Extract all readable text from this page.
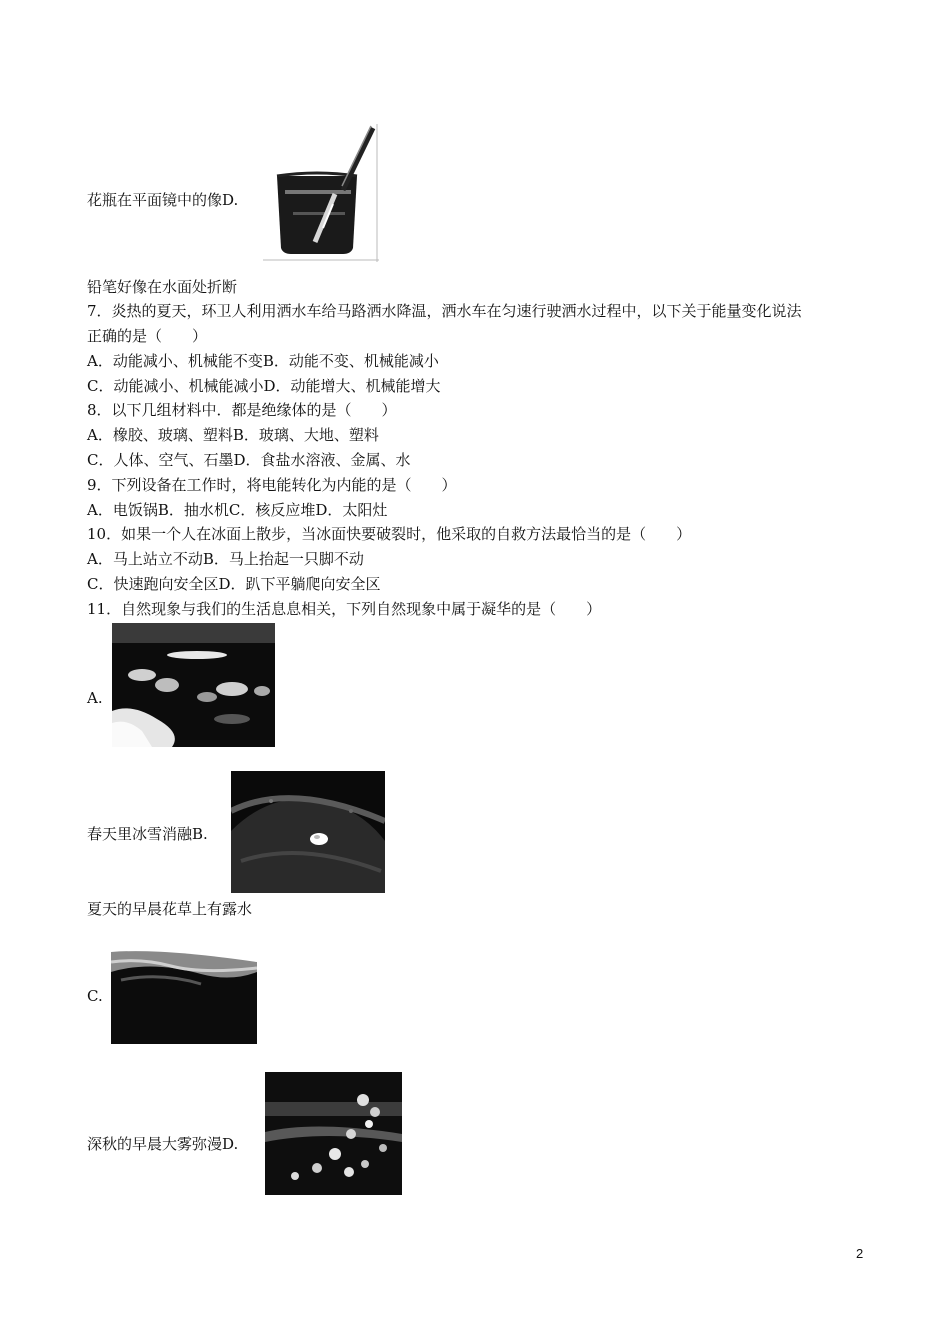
花瓶在平面镜中的像D.
铅笔好像在水面处折断
7．炎热的夏天，环卫人利用洒水车给马路洒水降温，洒水车在匀速行驶洒水过程中，以下关于能量变化说法
正确的是（　　）
A．动能减小、机械能不变B．动能不变、机械能减小
C．动能减小、机械能减小D．动能增大、机械能增大
8．以下几组材料中．都是绝缘体的是（　　）
A．橡胶、玻璃、塑料B．玻璃、大地、塑料
C．人体、空气、石墨D．食盐水溶液、金属、水
9．下列设备在工作时，将电能转化为内能的是（　　）
A．电饭锅B．抽水机C．核反应堆D．太阳灶
10．如果一个人在冰面上散步，当冰面快要破裂时，他采取的自救方法最恰当的是（　　）
A．马上站立不动B．马上抬起一只脚不动
C．快速跑向安全区D．趴下平躺爬向安全区
11．自然现象与我们的生活息息相关，下列自然现象中属于凝华的是（　　）
A.
春天里冰雪消融B.
夏天的早晨花草上有露水
C.
深秋的早晨大雾弥漫D.
2
